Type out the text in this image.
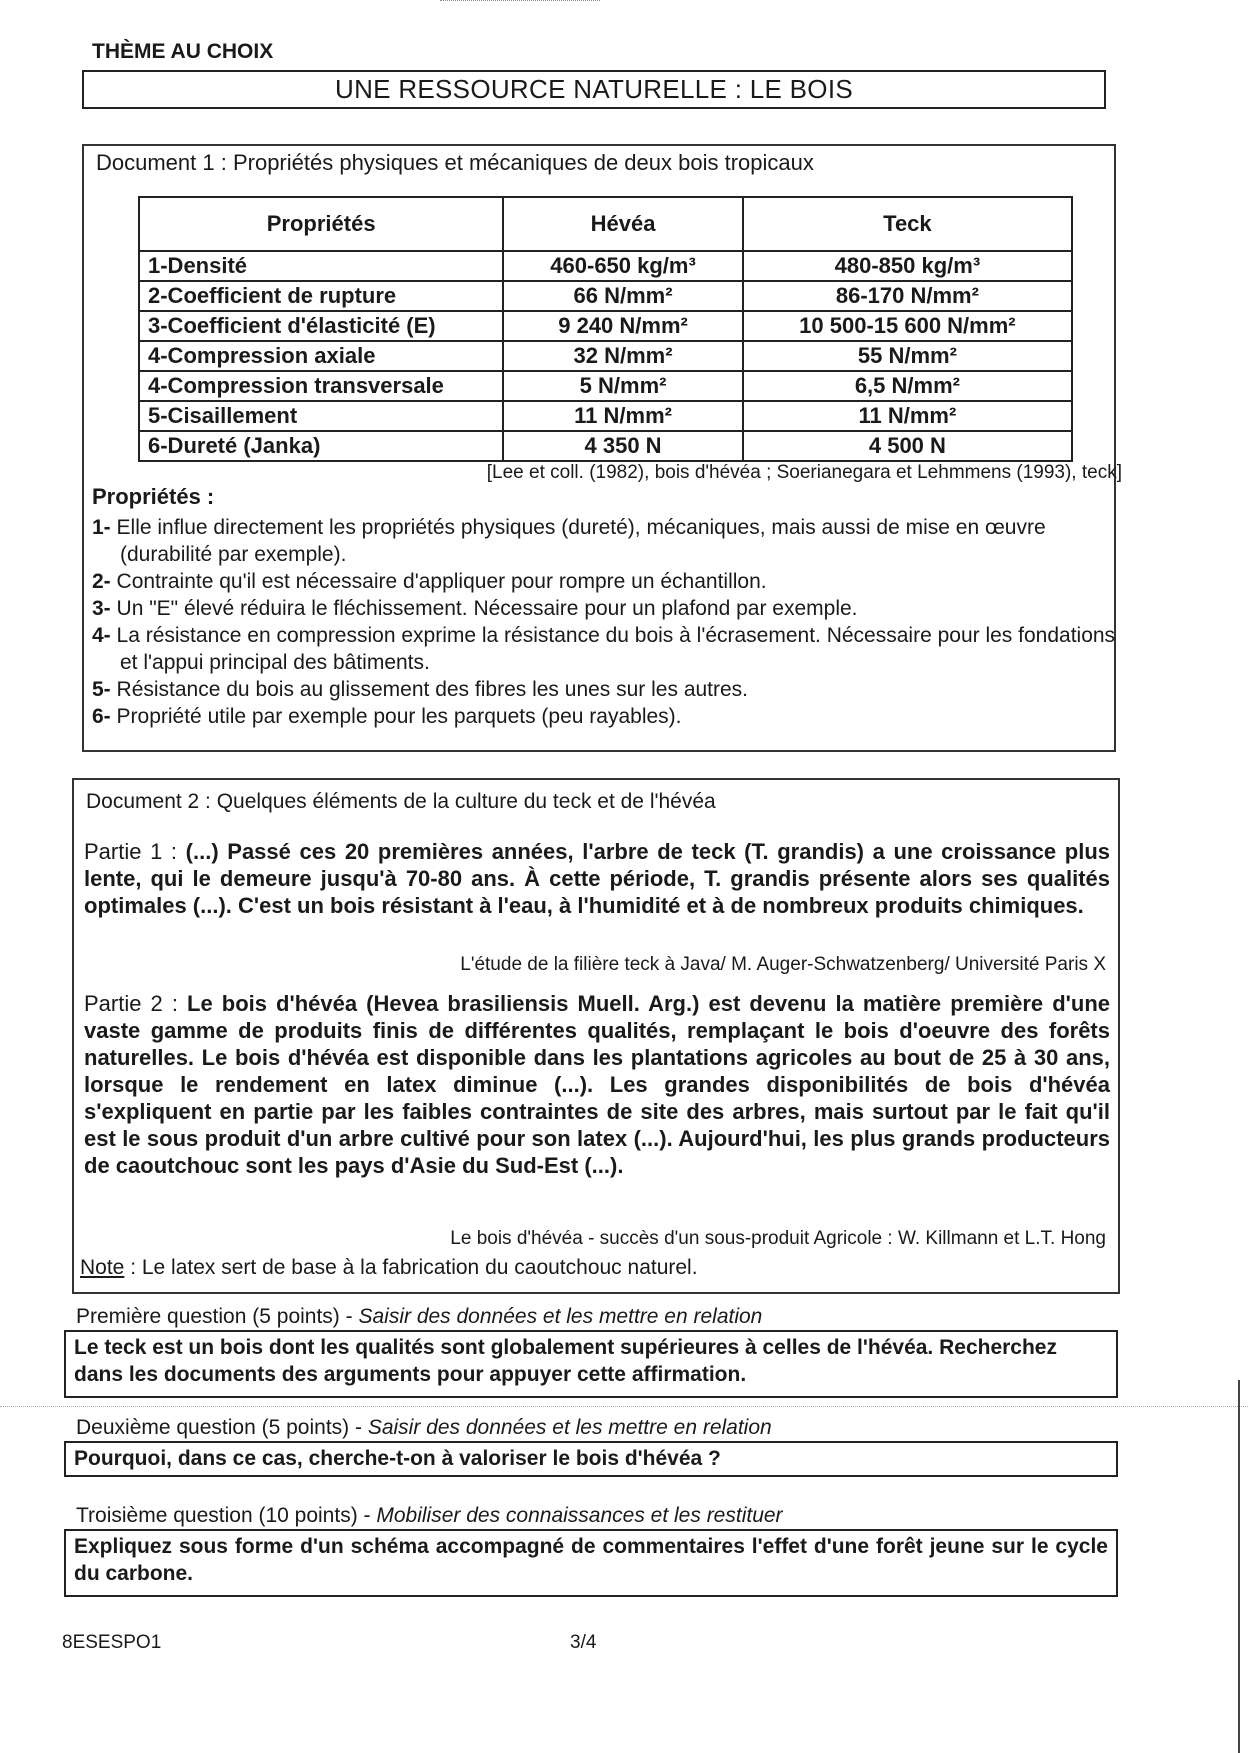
THÈME AU CHOIX
UNE RESSOURCE NATURELLE : LE BOIS
Document 1 : Propriétés physiques et mécaniques de deux bois tropicaux
Propriétés	Hévéa	Teck
1-Densité	460-650 kg/m³	480-850 kg/m³
2-Coefficient de rupture	66 N/mm²	86-170 N/mm²
3-Coefficient d'élasticité (E)	9 240 N/mm²	10 500-15 600 N/mm²
4-Compression axiale	32 N/mm²	55 N/mm²
4-Compression transversale	5 N/mm²	6,5 N/mm²
5-Cisaillement	11 N/mm²	11 N/mm²
6-Dureté (Janka)	4 350 N	4 500 N
[Lee et coll. (1982), bois d'hévéa ; Soerianegara et Lehmmens (1993), teck]
Propriétés :
1- Elle influe directement les propriétés physiques (dureté), mécaniques, mais aussi de mise en œuvre (durabilité par exemple).
2- Contrainte qu'il est nécessaire d'appliquer pour rompre un échantillon.
3- Un "E" élevé réduira le fléchissement. Nécessaire pour un plafond par exemple.
4- La résistance en compression exprime la résistance du bois à l'écrasement. Nécessaire pour les fondations et l'appui principal des bâtiments.
5- Résistance du bois au glissement des fibres les unes sur les autres.
6- Propriété utile par exemple pour les parquets (peu rayables).
Document 2 : Quelques éléments de la culture du teck et de l'hévéa
Partie 1 : (...) Passé ces 20 premières années, l'arbre de teck (T. grandis) a une croissance plus lente, qui le demeure jusqu'à 70-80 ans. À cette période, T. grandis présente alors ses qualités optimales (...). C'est un bois résistant à l'eau, à l'humidité et à de nombreux produits chimiques.
L'étude de la filière teck à Java/ M. Auger-Schwatzenberg/ Université Paris X
Partie 2 : Le bois d'hévéa (Hevea brasiliensis Muell. Arg.) est devenu la matière première d'une vaste gamme de produits finis de différentes qualités, remplaçant le bois d'oeuvre des forêts naturelles. Le bois d'hévéa est disponible dans les plantations agricoles au bout de 25 à 30 ans, lorsque le rendement en latex diminue (...). Les grandes disponibilités de bois d'hévéa s'expliquent en partie par les faibles contraintes de site des arbres, mais surtout par le fait qu'il est le sous produit d'un arbre cultivé pour son latex (...). Aujourd'hui, les plus grands producteurs de caoutchouc sont les pays d'Asie du Sud-Est (...).
Le bois d'hévéa - succès d'un sous-produit Agricole : W. Killmann et L.T. Hong
Note : Le latex sert de base à la fabrication du caoutchouc naturel.
Première question (5 points) - Saisir des données et les mettre en relation
Le teck est un bois dont les qualités sont globalement supérieures à celles de l'hévéa. Recherchez dans les documents des arguments pour appuyer cette affirmation.
Deuxième question (5 points) - Saisir des données et les mettre en relation
Pourquoi, dans ce cas, cherche-t-on à valoriser le bois d'hévéa ?
Troisième question (10 points) - Mobiliser des connaissances et les restituer
Expliquez sous forme d'un schéma accompagné de commentaires l'effet d'une forêt jeune sur le cycle du carbone.
8ESESPO1	3/4
